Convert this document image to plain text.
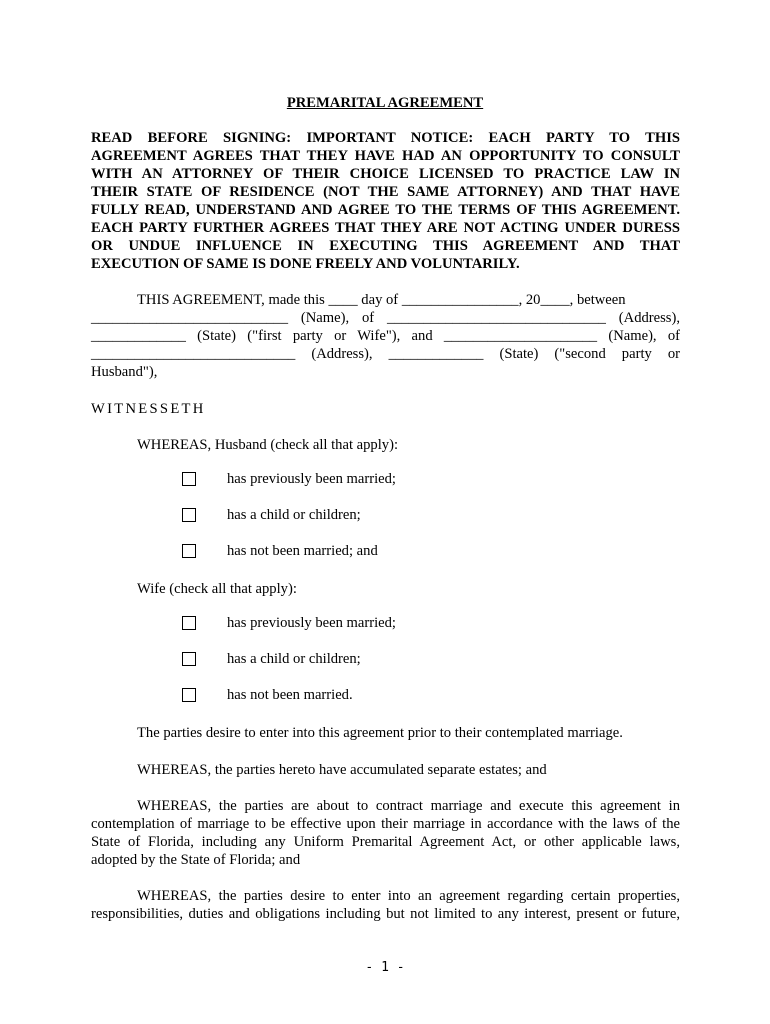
PREMARITAL AGREEMENT
READ BEFORE SIGNING: IMPORTANT NOTICE: EACH PARTY TO THIS
AGREEMENT AGREES THAT THEY HAVE HAD AN OPPORTUNITY TO CONSULT
WITH AN ATTORNEY OF THEIR CHOICE LICENSED TO PRACTICE LAW IN
THEIR STATE OF RESIDENCE (NOT THE SAME ATTORNEY) AND THAT HAVE
FULLY READ, UNDERSTAND AND AGREE TO THE TERMS OF THIS AGREEMENT.
EACH PARTY FURTHER AGREES THAT THEY ARE NOT ACTING UNDER DURESS
OR UNDUE INFLUENCE IN EXECUTING THIS AGREEMENT AND THAT
EXECUTION OF SAME IS DONE FREELY AND VOLUNTARILY.
THIS AGREEMENT, made this ____ day of ________________, 20____, between
___________________________ (Name), of ______________________________ (Address),
_____________ (State) ("first party or Wife"), and _____________________ (Name), of
____________________________ (Address), _____________ (State) ("second party or
Husband"),
WITNESSETH
WHEREAS, Husband (check all that apply):
has previously been married;
has a child or children;
has not been married; and
Wife (check all that apply):
has previously been married;
has a child or children;
has not been married.
The parties desire to enter into this agreement prior to their contemplated marriage.
WHEREAS, the parties hereto have accumulated separate estates; and
WHEREAS, the parties are about to contract marriage and execute this agreement in
contemplation of marriage to be effective upon their marriage in accordance with the laws of the
State of Florida, including any Uniform Premarital Agreement Act, or other applicable laws,
adopted by the State of Florida; and
WHEREAS, the parties desire to enter into an agreement regarding certain properties,
responsibilities, duties and obligations including but not limited to any interest, present or future,
- 1 -
